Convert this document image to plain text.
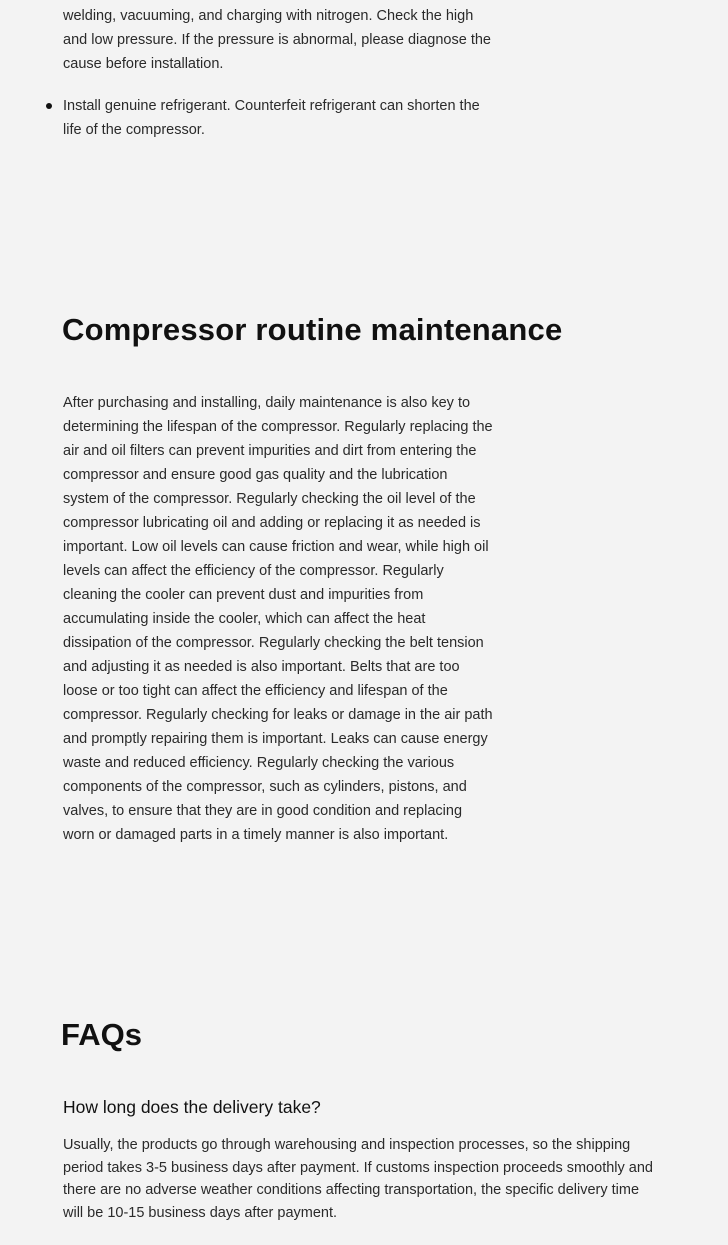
welding, vacuuming, and charging with nitrogen. Check the high and low pressure. If the pressure is abnormal, please diagnose the cause before installation.

Install genuine refrigerant. Counterfeit refrigerant can shorten the life of the compressor.
Compressor routine maintenance

After purchasing and installing, daily maintenance is also key to determining the lifespan of the compressor. Regularly replacing the air and oil filters can prevent impurities and dirt from entering the compressor and ensure good gas quality and the lubrication system of the compressor. Regularly checking the oil level of the compressor lubricating oil and adding or replacing it as needed is important. Low oil levels can cause friction and wear, while high oil levels can affect the efficiency of the compressor. Regularly cleaning the cooler can prevent dust and impurities from accumulating inside the cooler, which can affect the heat dissipation of the compressor. Regularly checking the belt tension and adjusting it as needed is also important. Belts that are too loose or too tight can affect the efficiency and lifespan of the compressor. Regularly checking for leaks or damage in the air path and promptly repairing them is important. Leaks can cause energy waste and reduced efficiency. Regularly checking the various components of the compressor, such as cylinders, pistons, and valves, to ensure that they are in good condition and replacing worn or damaged parts in a timely manner is also important.

FAQs
How long does the delivery take?

Usually, the products go through warehousing and inspection processes, so the shipping period takes 3-5 business days after payment. If customs inspection proceeds smoothly and there are no adverse weather conditions affecting transportation, the specific delivery time will be 10-15 business days after payment.
